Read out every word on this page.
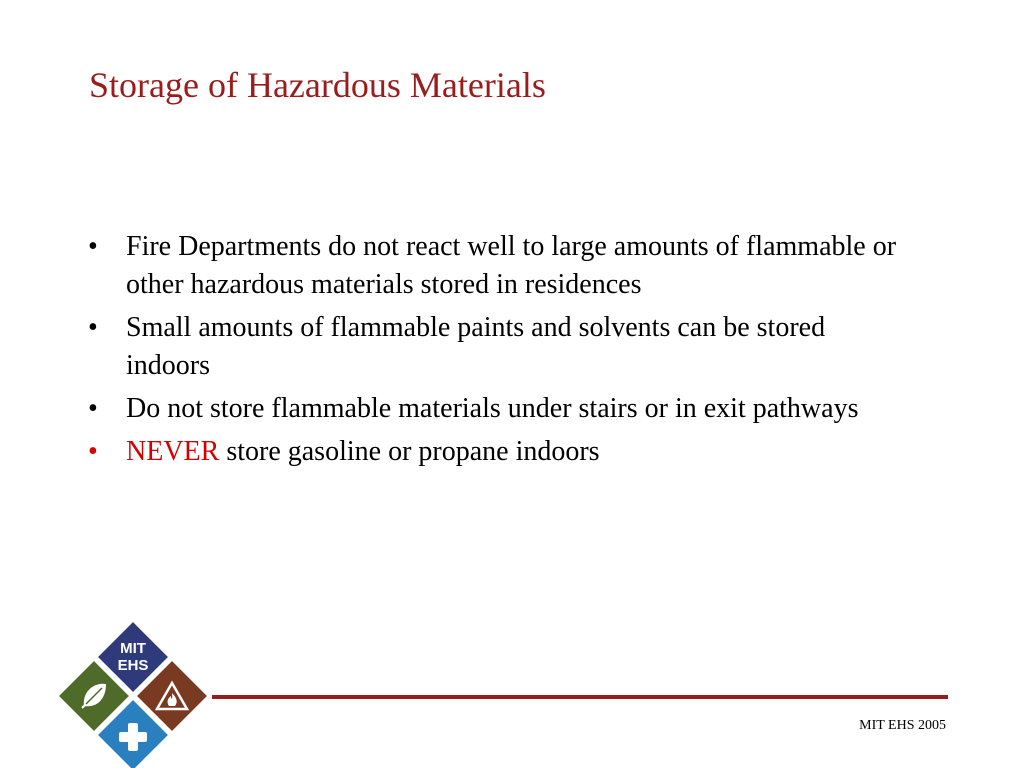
Storage of Hazardous Materials
•	Fire Departments do not react well to large amounts of flammable or other hazardous materials stored in residences
•	Small amounts of flammable paints and solvents can be stored indoors
•	Do not store flammable materials under stairs or in exit pathways
•	NEVER store gasoline or propane indoors
MIT EHS 2005
MIT
EHS
